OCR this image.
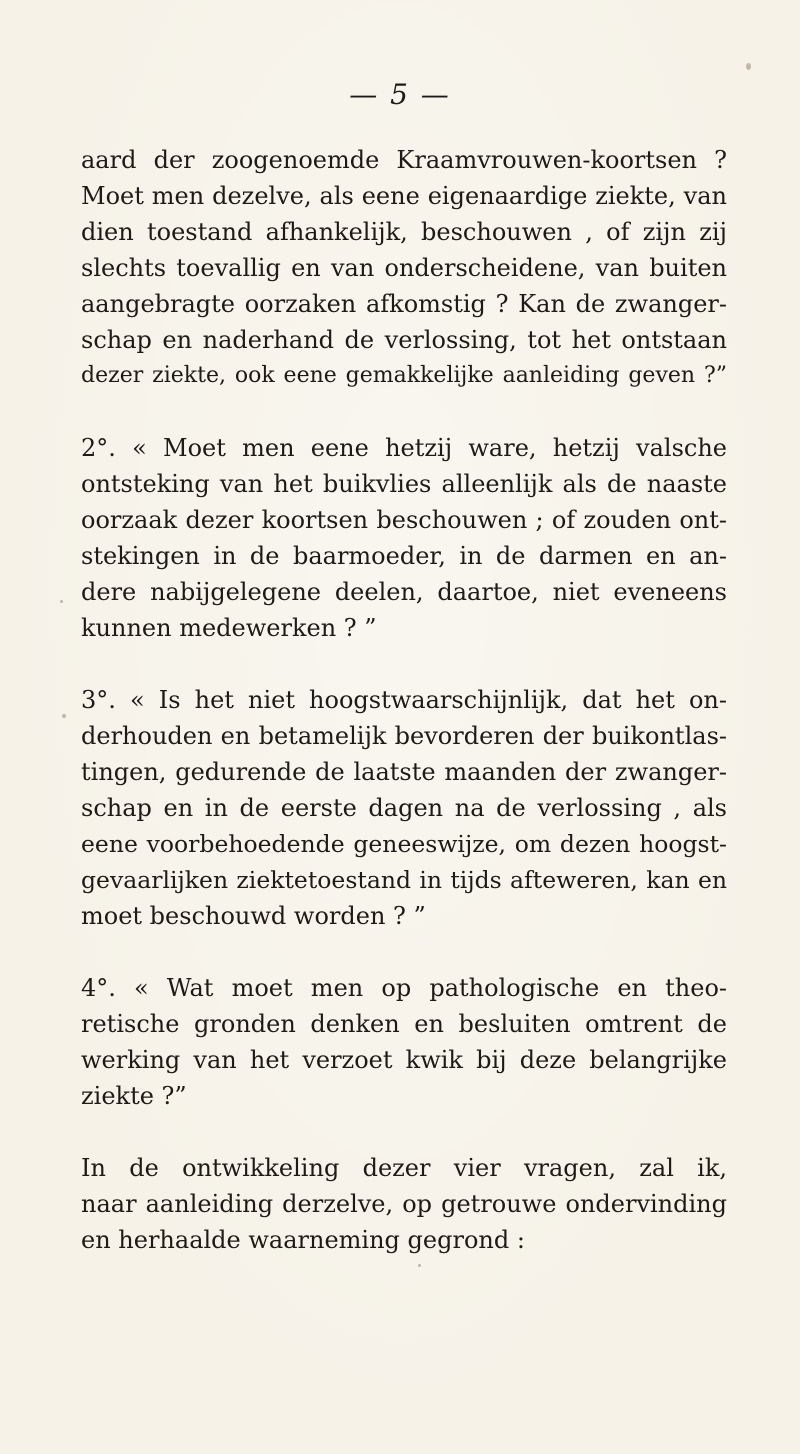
— 5 —
aard der zoogenoemde Kraamvrouwen-koortsen ?
Moet men dezelve, als eene eigenaardige ziekte, van
dien toestand afhankelijk, beschouwen , of zijn zij
slechts toevallig en van onderscheidene, van buiten
aangebragte oorzaken afkomstig ? Kan de zwanger-
schap en naderhand de verlossing, tot het ontstaan
dezer ziekte, ook eene gemakkelijke aanleiding geven ?”
2°. « Moet men eene hetzij ware, hetzij valsche
ontsteking van het buikvlies alleenlijk als de naaste
oorzaak dezer koortsen beschouwen ; of zouden ont-
stekingen in de baarmoeder, in de darmen en an-
dere nabijgelegene deelen, daartoe, niet eveneens
kunnen medewerken ? ”
3°. « Is het niet hoogstwaarschijnlijk, dat het on-
derhouden en betamelijk bevorderen der buikontlas-
tingen, gedurende de laatste maanden der zwanger-
schap en in de eerste dagen na de verlossing , als
eene voorbehoedende geneeswijze, om dezen hoogst-
gevaarlijken ziektetoestand in tijds afteweren, kan en
moet beschouwd worden ? ”
4°. « Wat moet men op pathologische en theo-
retische gronden denken en besluiten omtrent de
werking van het verzoet kwik bij deze belangrijke
ziekte ?”
In de ontwikkeling dezer vier vragen, zal ik,
naar aanleiding derzelve, op getrouwe ondervinding
en herhaalde waarneming gegrond :
